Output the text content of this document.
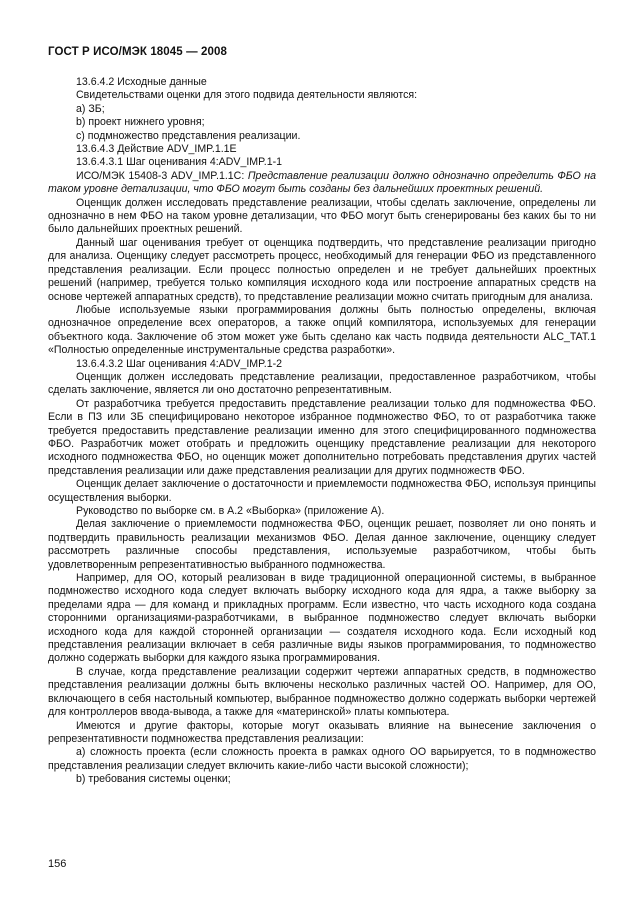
ГОСТ Р ИСО/МЭК 18045 — 2008

13.6.4.2 Исходные данные

Свидетельствами оценки для этого подвида деятельности являются:

a) ЗБ;

b) проект нижнего уровня;

c) подмножество представления реализации.

13.6.4.3 Действие ADV_IMP.1.1E

13.6.4.3.1 Шаг оценивания 4:ADV_IMP.1-1

ИСО/МЭК 15408-3 ADV_IMP.1.1C: Представление реализации должно однозначно определить ФБО на таком уровне детализации, что ФБО могут быть созданы без дальнейших проектных решений.

Оценщик должен исследовать представление реализации, чтобы сделать заключение, определены ли однозначно в нем ФБО на таком уровне детализации, что ФБО могут быть сгенерированы без каких бы то ни было дальнейших проектных решений.

Данный шаг оценивания требует от оценщика подтвердить, что представление реализации пригодно для анализа. Оценщику следует рассмотреть процесс, необходимый для генерации ФБО из представленного представления реализации. Если процесс полностью определен и не требует дальнейших проектных решений (например, требуется только компиляция исходного кода или построение аппаратных средств на основе чертежей аппаратных средств), то представление реализации можно считать пригодным для анализа.

Любые используемые языки программирования должны быть полностью определены, включая однозначное определение всех операторов, а также опций компилятора, используемых для генерации объектного кода. Заключение об этом может уже быть сделано как часть подвида деятельности ALC_TAT.1 «Полностью определенные инструментальные средства разработки».

13.6.4.3.2 Шаг оценивания 4:ADV_IMP.1-2

Оценщик должен исследовать представление реализации, предоставленное разработчиком, чтобы сделать заключение, является ли оно достаточно репрезентативным.

От разработчика требуется предоставить представление реализации только для подмножества ФБО. Если в ПЗ или ЗБ специфицировано некоторое избранное подмножество ФБО, то от разработчика также требуется предоставить представление реализации именно для этого специфицированного подмножества ФБО. Разработчик может отобрать и предложить оценщику представление реализации для некоторого исходного подмножества ФБО, но оценщик может дополнительно потребовать представления других частей представления реализации или даже представления реализации для других подмножеств ФБО.

Оценщик делает заключение о достаточности и приемлемости подмножества ФБО, используя принципы осуществления выборки.

Руководство по выборке см. в А.2 «Выборка» (приложение А).

Делая заключение о приемлемости подмножества ФБО, оценщик решает, позволяет ли оно понять и подтвердить правильность реализации механизмов ФБО. Делая данное заключение, оценщику следует рассмотреть различные способы представления, используемые разработчиком, чтобы быть удовлетворенным репрезентативностью выбранного подмножества.

Например, для ОО, который реализован в виде традиционной операционной системы, в выбранное подмножество исходного кода следует включать выборку исходного кода для ядра, а также выборку за пределами ядра — для команд и прикладных программ. Если известно, что часть исходного кода создана сторонними организациями-разработчиками, в выбранное подмножество следует включать выборки исходного кода для каждой сторонней организации — создателя исходного кода. Если исходный код представления реализации включает в себя различные виды языков программирования, то подмножество должно содержать выборки для каждого языка программирования.

В случае, когда представление реализации содержит чертежи аппаратных средств, в подмножество представления реализации должны быть включены несколько различных частей ОО. Например, для ОО, включающего в себя настольный компьютер, выбранное подмножество должно содержать выборки чертежей для контроллеров ввода-вывода, а также для «материнской» платы компьютера.

Имеются и другие факторы, которые могут оказывать влияние на вынесение заключения о репрезентативности подмножества представления реализации:

a) сложность проекта (если сложность проекта в рамках одного ОО варьируется, то в подмножество представления реализации следует включить какие-либо части высокой сложности);

b) требования системы оценки;

156
